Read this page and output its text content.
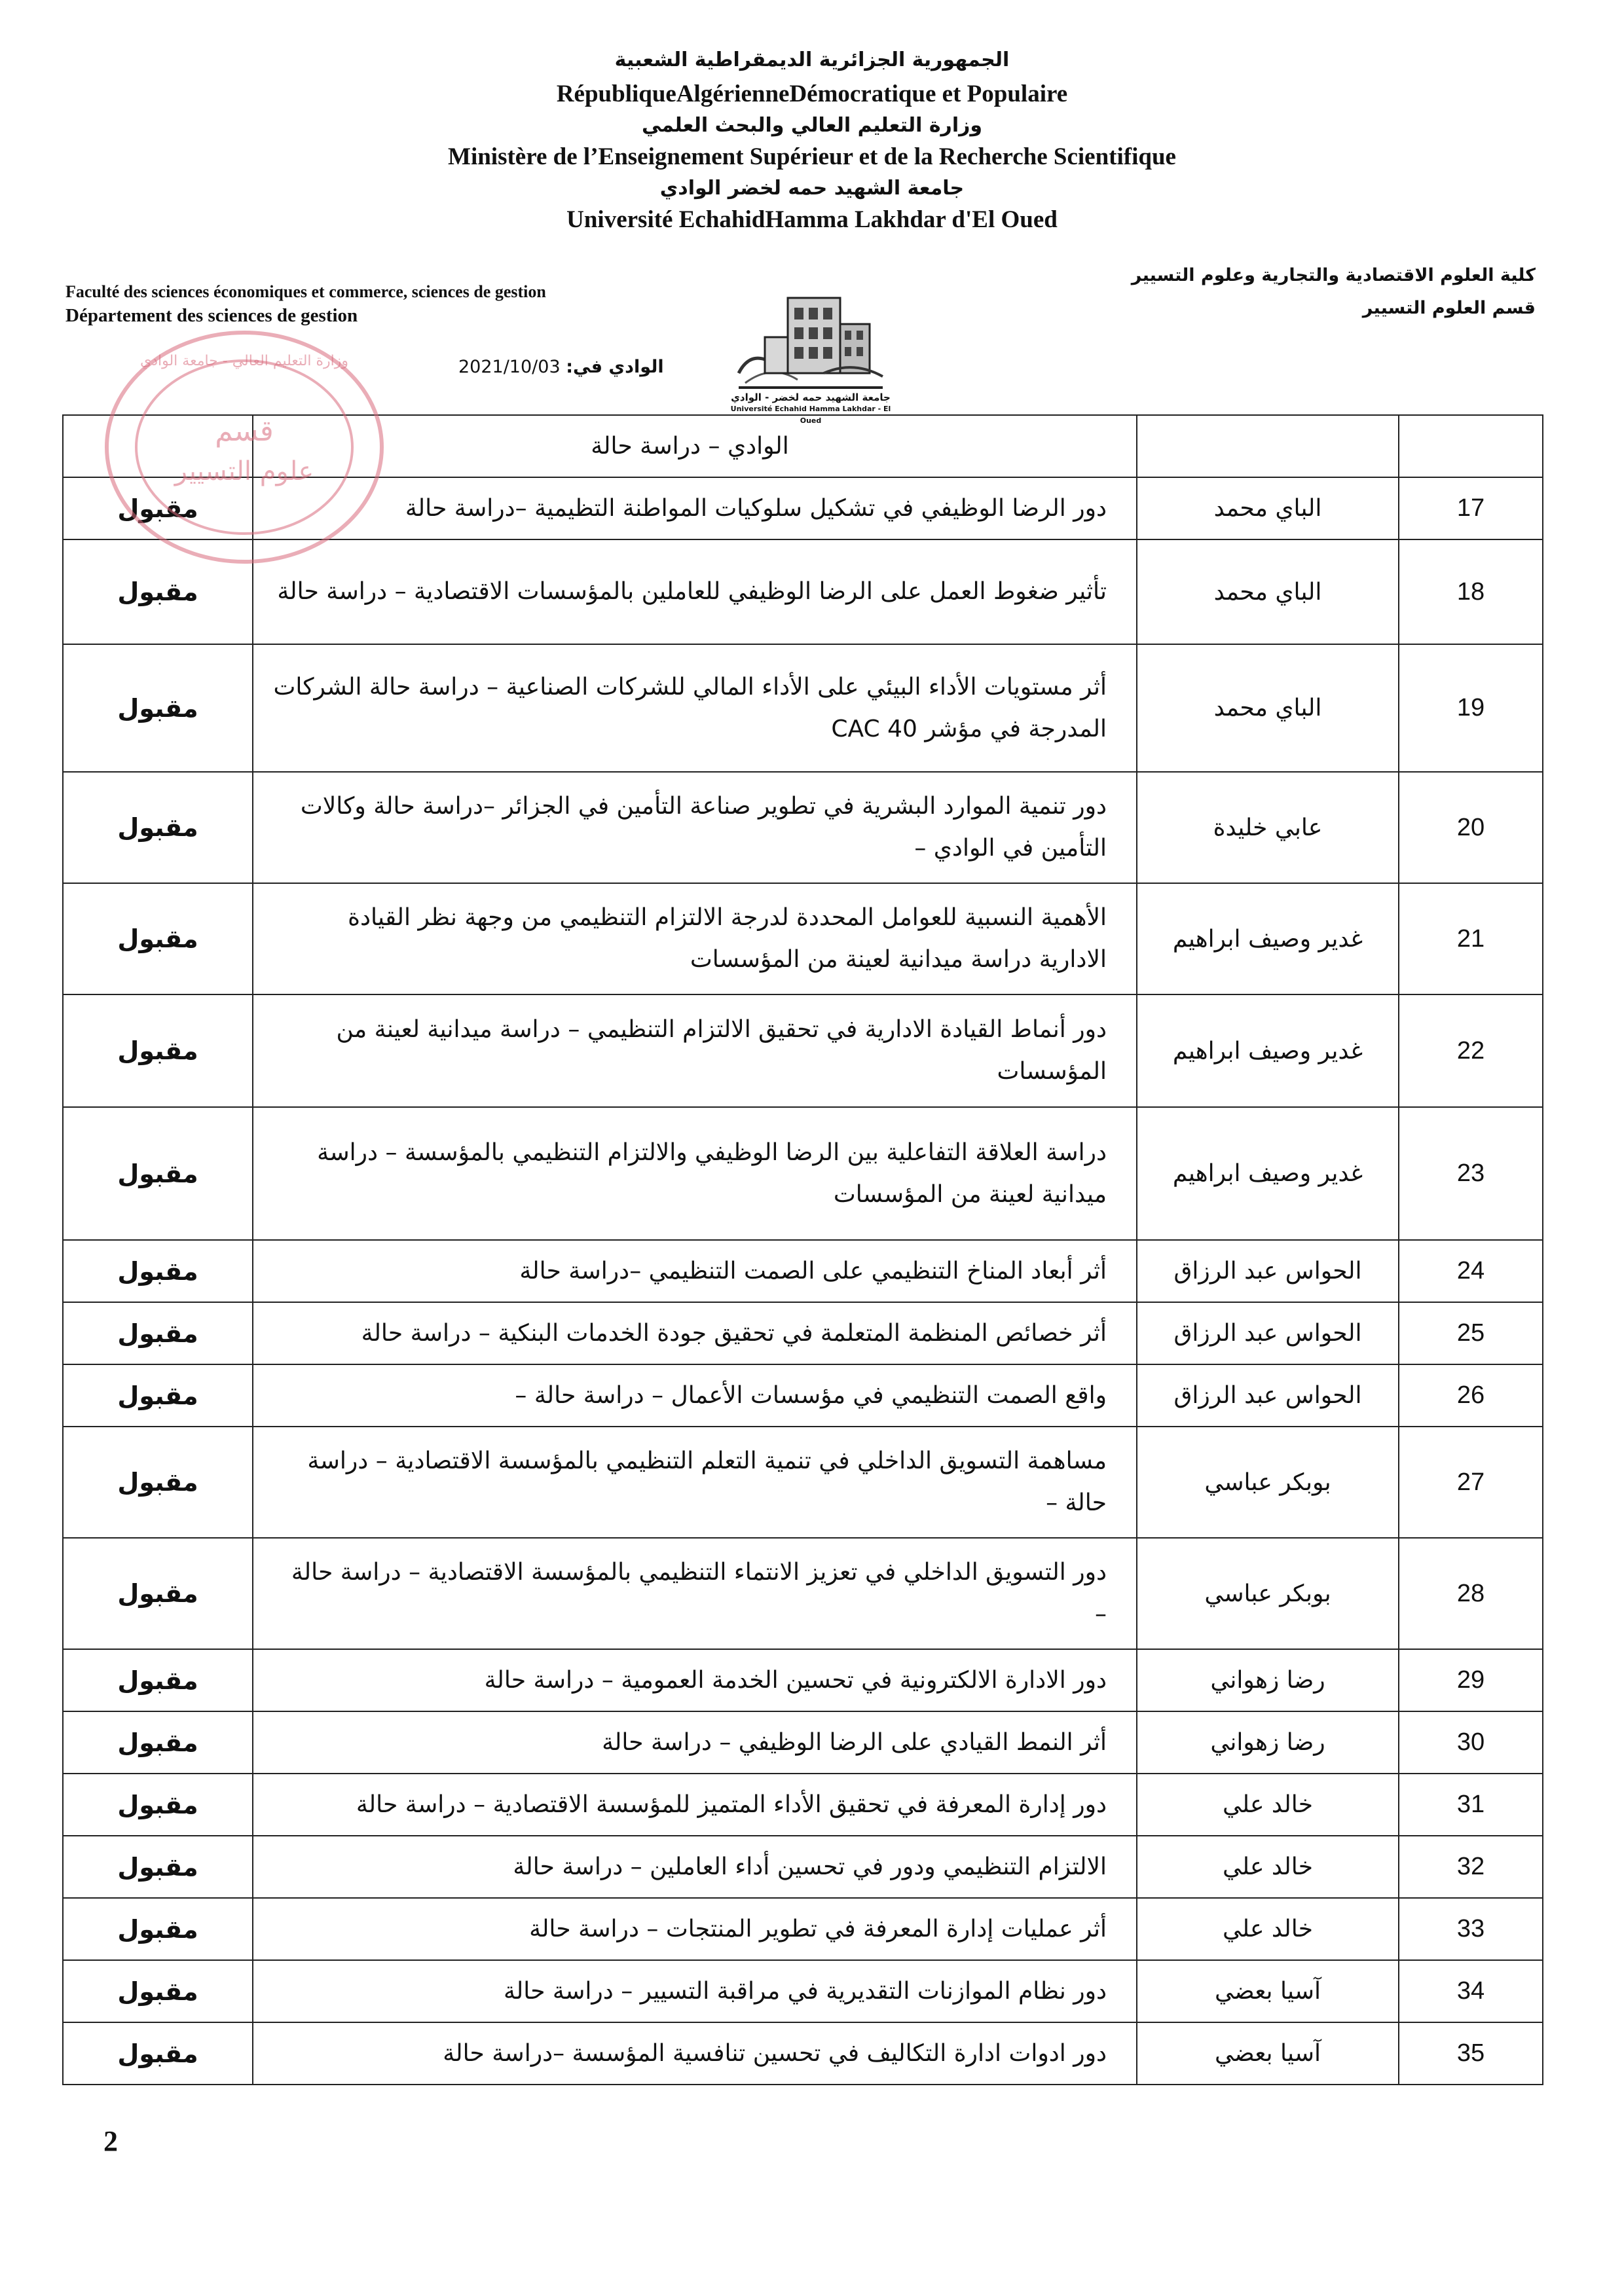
الجمهورية الجزائرية الديمقراطية الشعبية
RépubliqueAlgérienneDémocratique et Populaire
وزارة التعليم العالي والبحث العلمي
Ministère de l’Enseignement Supérieur et de la Recherche Scientifique
جامعة الشهيد حمه لخضر الوادي
Université EchahidHamma Lakhdar d'El Oued
Faculté des sciences économiques et commerce, sciences de gestion
Département des sciences de gestion
كلية العلوم الاقتصادية والتجارية وعلوم التسيير
قسم العلوم التسيير
الوادي في: 2021/10/03
جامعة الشهيد حمه لخضر - الوادي
Université Echahid Hamma Lakhdar - El Oued
	الوادي – دراسة حالة		
مقبول	دور الرضا الوظيفي في تشكيل سلوكيات المواطنة التظيمية –دراسة حالة	الباي محمد	17
مقبول	تأثير ضغوط العمل على الرضا الوظيفي للعاملين بالمؤسسات الاقتصادية – دراسة حالة	الباي محمد	18
مقبول	أثر مستويات الأداء البيئي على الأداء المالي للشركات الصناعية – دراسة حالة الشركات المدرجة في مؤشر CAC 40	الباي محمد	19
مقبول	دور تنمية الموارد البشرية في تطوير صناعة التأمين في الجزائر –دراسة حالة وكالات التأمين في الوادي –	عابي خليدة	20
مقبول	الأهمية النسبية للعوامل المحددة لدرجة الالتزام التنظيمي من وجهة نظر القيادة الادارية دراسة ميدانية لعينة من المؤسسات	غدير وصيف ابراهيم	21
مقبول	دور أنماط القيادة الادارية في تحقيق الالتزام التنظيمي – دراسة ميدانية لعينة من المؤسسات	غدير وصيف ابراهيم	22
مقبول	دراسة العلاقة التفاعلية بين الرضا الوظيفي والالتزام التنظيمي بالمؤسسة – دراسة ميدانية لعينة من المؤسسات	غدير وصيف ابراهيم	23
مقبول	أثر أبعاد المناخ التنظيمي على الصمت التنظيمي –دراسة حالة	الحواس عبد الرزاق	24
مقبول	أثر خصائص المنظمة المتعلمة في تحقيق جودة الخدمات البنكية – دراسة حالة	الحواس عبد الرزاق	25
مقبول	واقع الصمت التنظيمي في مؤسسات الأعمال – دراسة حالة –	الحواس عبد الرزاق	26
مقبول	مساهمة التسويق الداخلي في تنمية التعلم التنظيمي بالمؤسسة الاقتصادية – دراسة حالة –	بوبكر عباسي	27
مقبول	دور التسويق الداخلي في تعزيز الانتماء التنظيمي بالمؤسسة الاقتصادية – دراسة حالة –	بوبكر عباسي	28
مقبول	دور الادارة الالكترونية في تحسين الخدمة العمومية – دراسة حالة	رضا زهواني	29
مقبول	أثر النمط القيادي على الرضا الوظيفي – دراسة حالة	رضا زهواني	30
مقبول	دور إدارة المعرفة في تحقيق الأداء المتميز للمؤسسة الاقتصادية – دراسة حالة	خالد علي	31
مقبول	الالتزام التنظيمي ودور في تحسين أداء العاملين – دراسة حالة	خالد علي	32
مقبول	أثر عمليات إدارة المعرفة في تطوير المنتجات – دراسة حالة	خالد علي	33
مقبول	دور نظام الموازنات التقديرية في مراقبة التسيير – دراسة حالة	آسيا بعضي	34
مقبول	دور ادوات ادارة التكاليف في تحسين تنافسية المؤسسة –دراسة حالة	آسيا بعضي	35
وزارة التعليم العالي - جامعة الوادي
قسم
علوم التسيير
2
